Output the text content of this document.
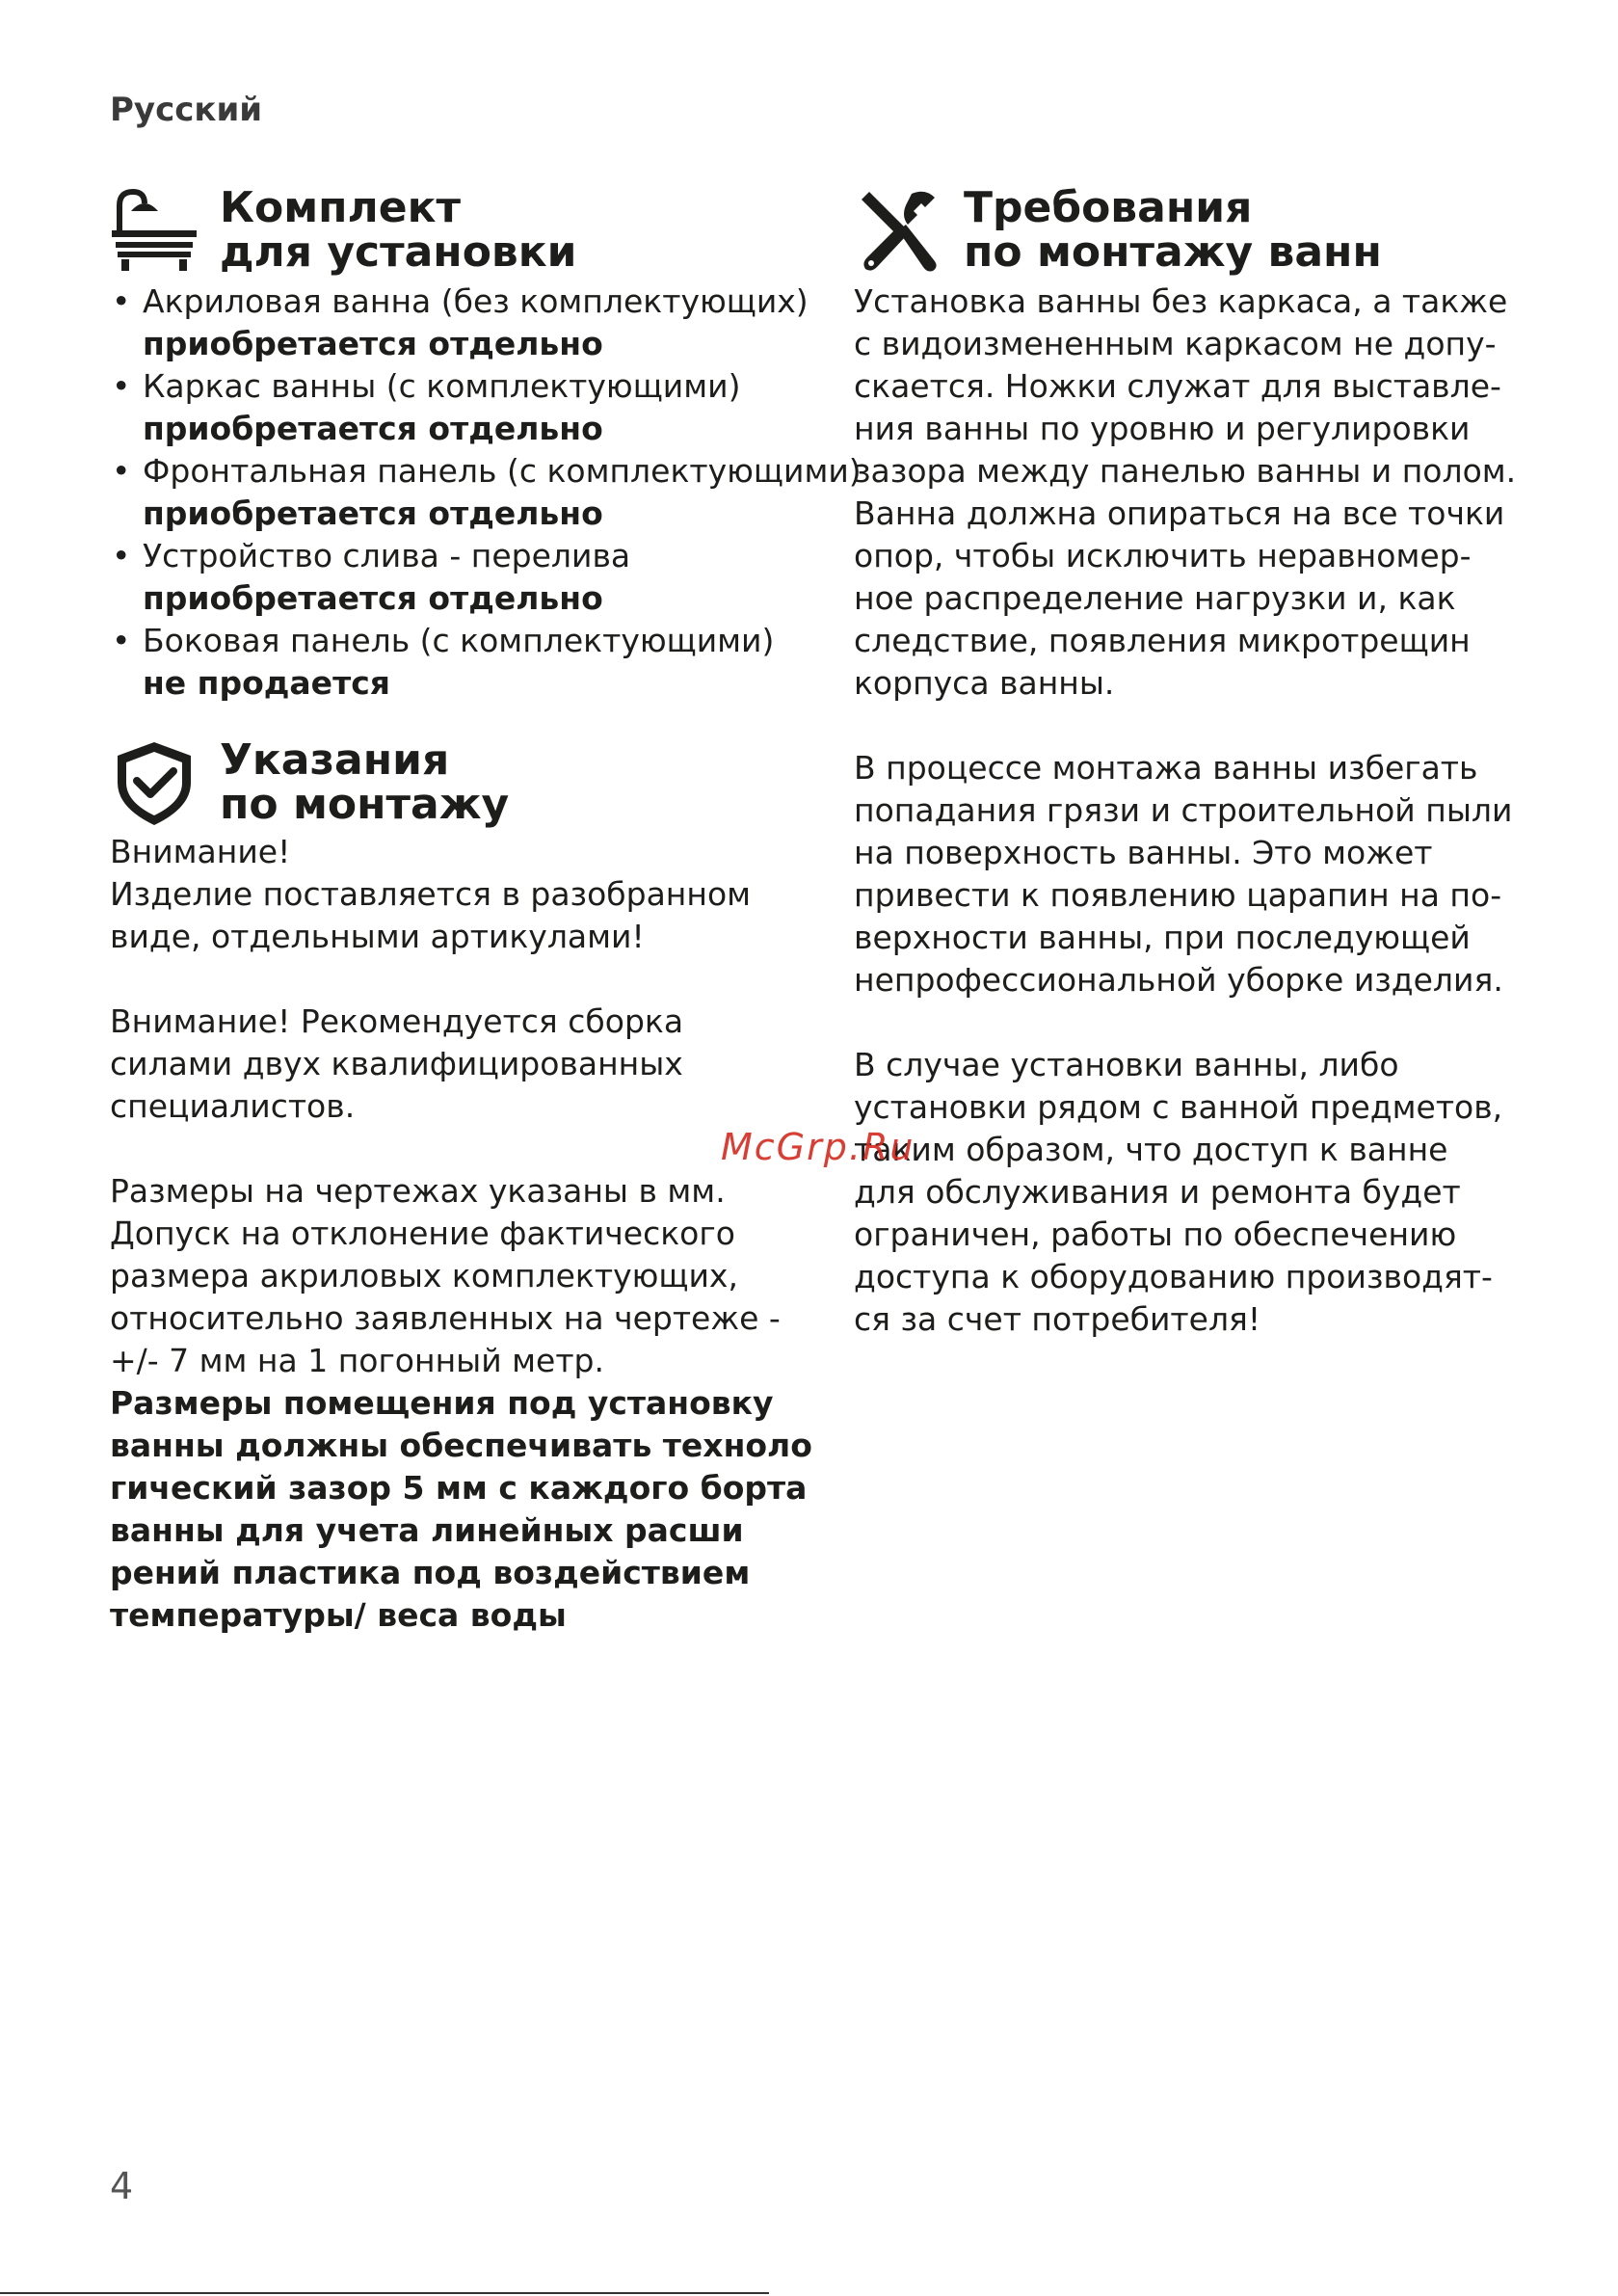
Русский
Комплект
для установки
• Акриловая ванна (без комплектующих)
приобретается отдельно
• Каркас ванны (с комплектующими)
приобретается отдельно
• Фронтальная панель (с комплектующими)
приобретается отдельно
• Устройство слива - перелива
приобретается отдельно
• Боковая панель (с комплектующими)
не продается
Указания
по монтажу
Внимание!
Изделие поставляется в разобранном
виде, отдельными артикулами!
Внимание! Рекомендуется сборка
силами двух квалифицированных
специалистов.
Размеры на чертежах указаны в мм.
Допуск на отклонение фактического
размера акриловых комплектующих,
относительно заявленных на чертеже -
+/- 7 мм на 1 погонный метр.
Размеры помещения под установку
ванны должны обеспечивать техноло
гический зазор 5 мм с каждого борта
ванны для учета линейных расши
рений пластика под воздействием
температуры/ веса воды
Требования
по монтажу ванн
Установка ванны без каркаса, а также
с видоизмененным каркасом не допу-
скается. Ножки служат для выставле-
ния ванны по уровню и регулировки
зазора между панелью ванны и полом.
Ванна должна опираться на все точки
опор, чтобы исключить неравномер-
ное распределение нагрузки и, как
следствие, появления микротрещин
корпуса ванны.
В процессе монтажа ванны избегать
попадания грязи и строительной пыли
на поверхность ванны. Это может
привести к появлению царапин на по-
верхности ванны, при последующей
непрофессиональной уборке изделия.
В случае установки ванны, либо
установки рядом с ванной предметов,
таким образом, что доступ к ванне
для обслуживания и ремонта будет
ограничен, работы по обеспечению
доступа к оборудованию производят-
ся за счет потребителя!
McGrp.Ru
4
